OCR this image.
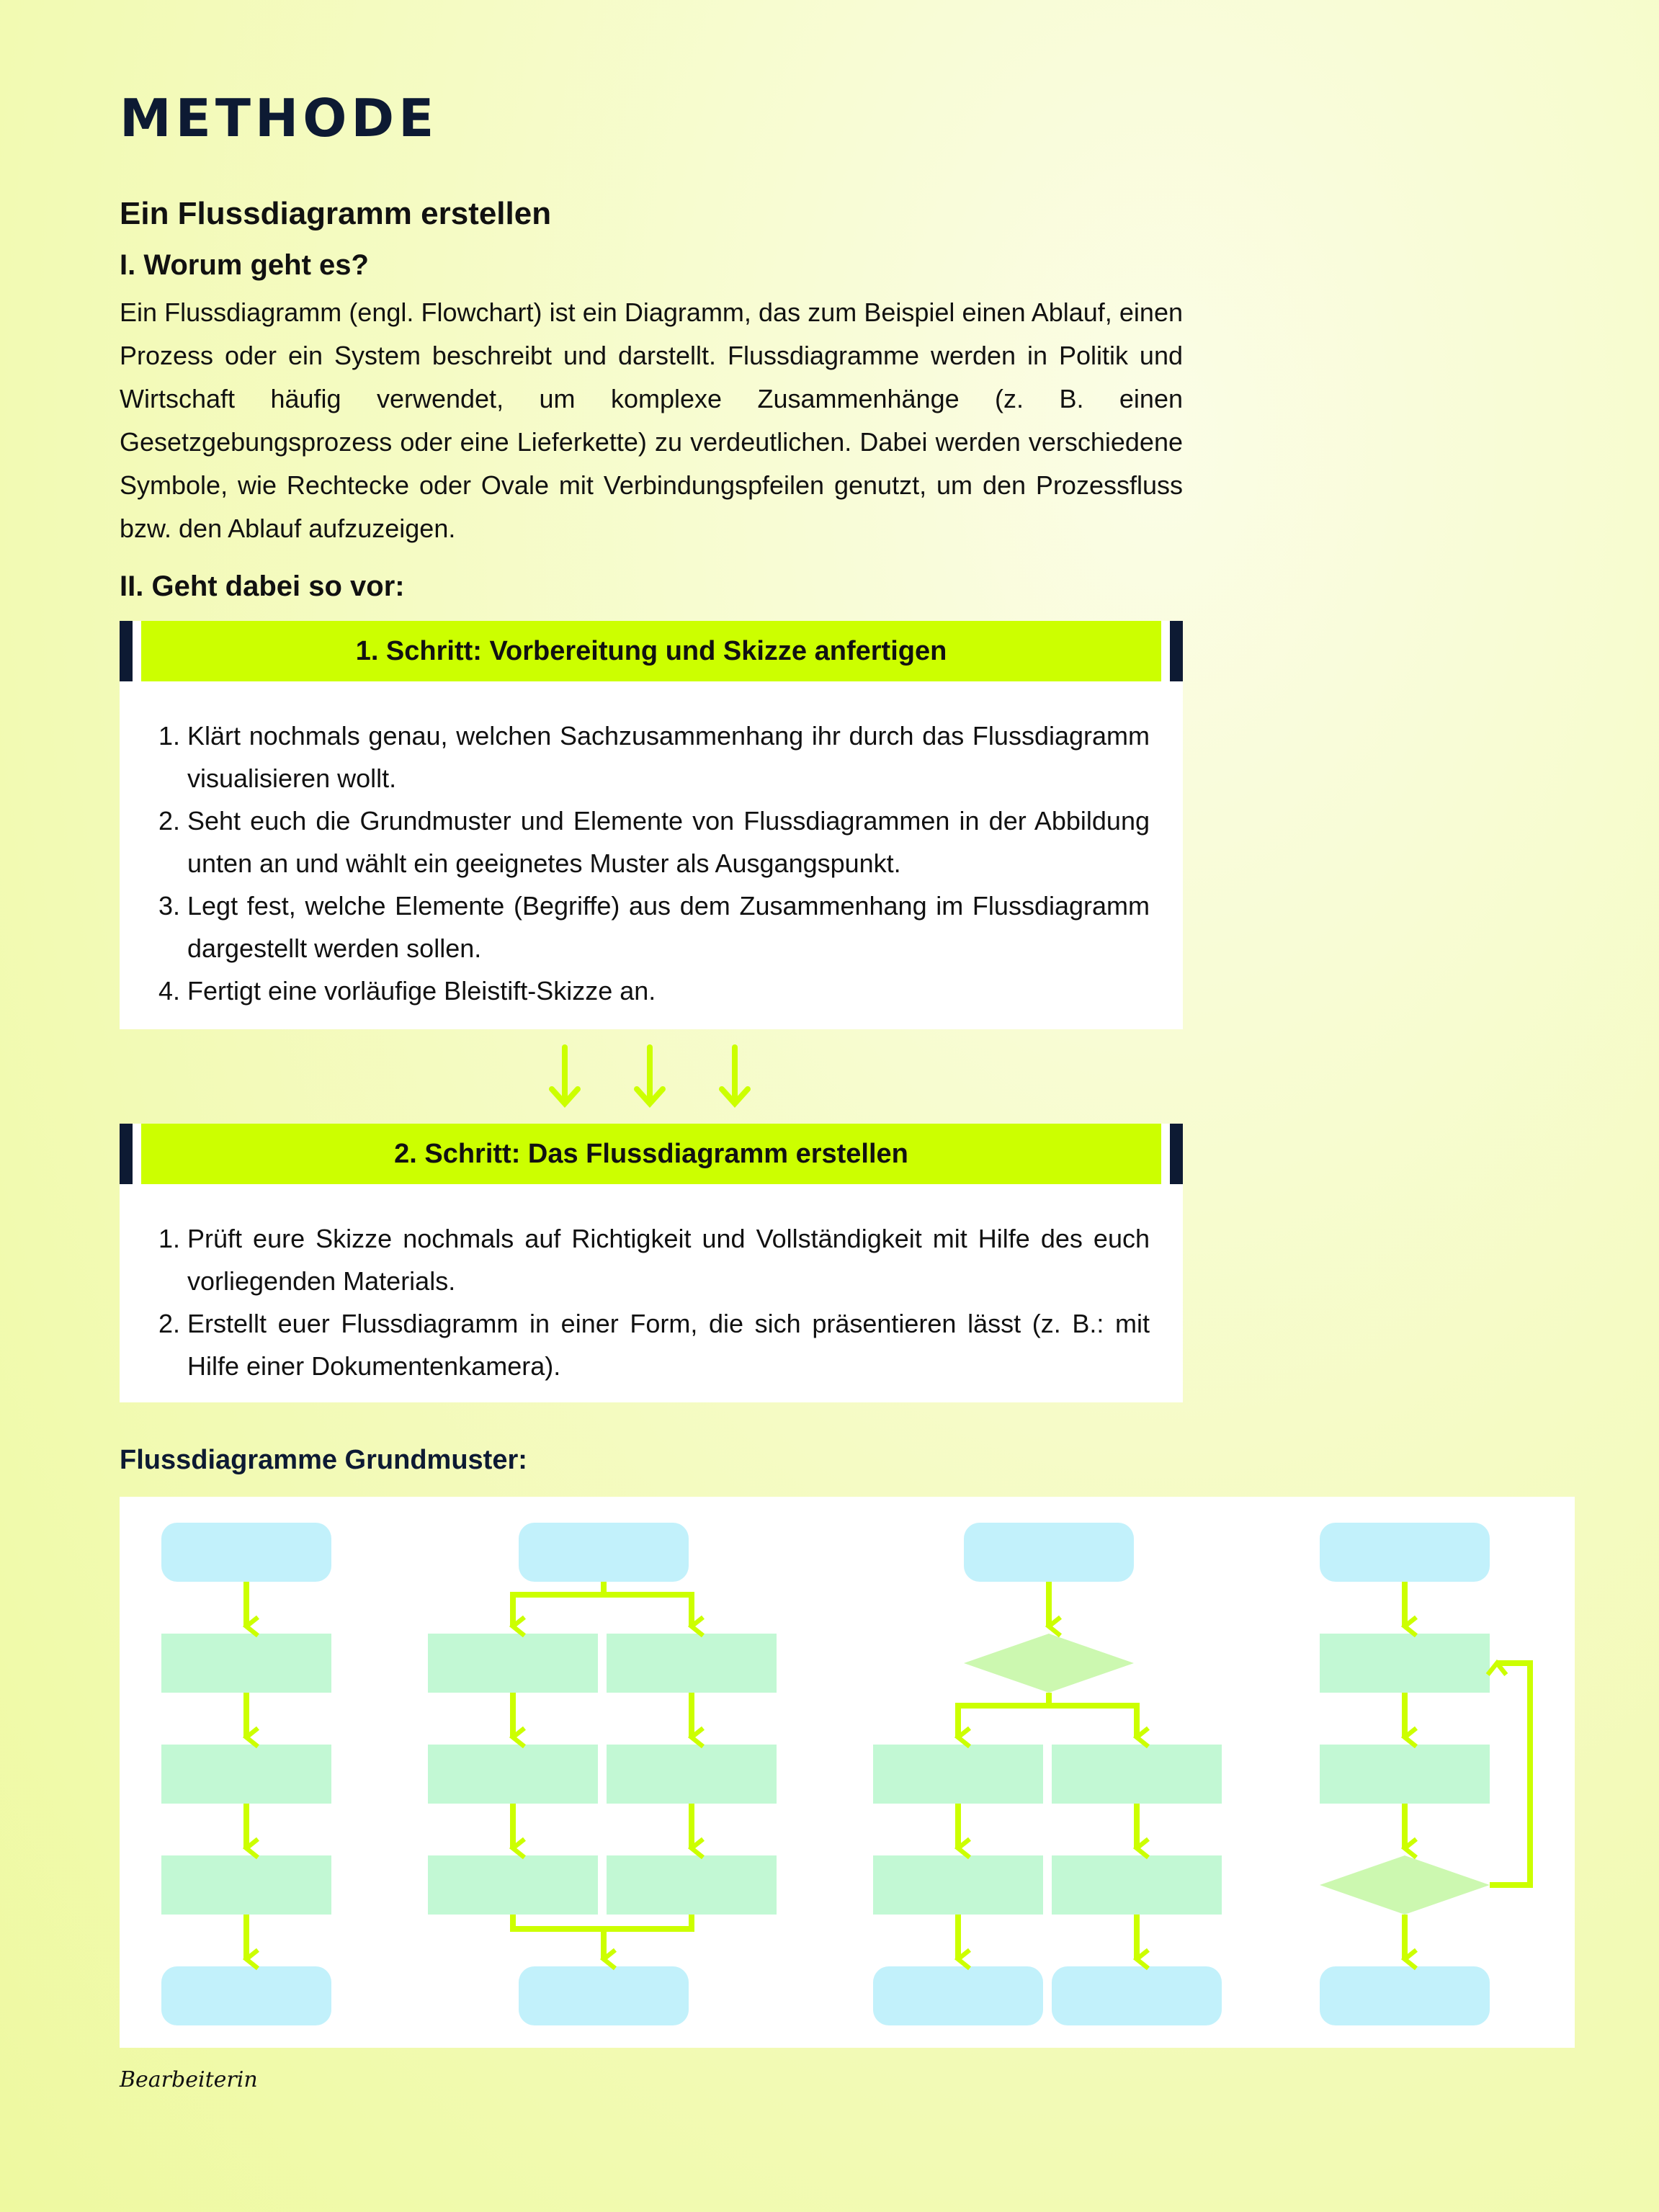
METHODE
Ein Flussdiagramm erstellen
I. Worum geht es?

Ein Flussdiagramm (engl. Flowchart) ist ein Diagramm, das zum Beispiel einen Ablauf, einen Prozess oder ein System beschreibt und darstellt. Flussdiagramme werden in Politik und Wirtschaft häufig verwendet, um komplexe Zusammenhänge (z. B. einen Gesetzgebungsprozess oder eine Lieferkette) zu verdeutlichen. Dabei werden verschiedene Symbole, wie Rechtecke oder Ovale mit Verbindungspfeilen genutzt, um den Prozessfluss bzw. den Ablauf aufzuzeigen.

II. Geht dabei so vor:
1. Schritt: Vorbereitung und Skizze anfertigen
1. Klärt nochmals genau, welchen Sachzusammenhang ihr durch das Flussdiagramm visualisieren wollt.
2. Seht euch die Grundmuster und Elemente von Flussdiagrammen in der Abbildung unten an und wählt ein geeignetes Muster als Ausgangspunkt.
3. Legt fest, welche Elemente (Begriffe) aus dem Zusammenhang im Flussdiagramm dargestellt werden sollen.
4. Fertigt eine vorläufige Bleistift-Skizze an.
2. Schritt: Das Flussdiagramm erstellen
1. Prüft eure Skizze nochmals auf Richtigkeit und Vollständigkeit mit Hilfe des euch vorliegenden Materials.
2. Erstellt euer Flussdiagramm in einer Form, die sich präsentieren lässt (z. B.: mit Hilfe einer Dokumentenkamera).
Flussdiagramme Grundmuster:
Bearbeiterin
